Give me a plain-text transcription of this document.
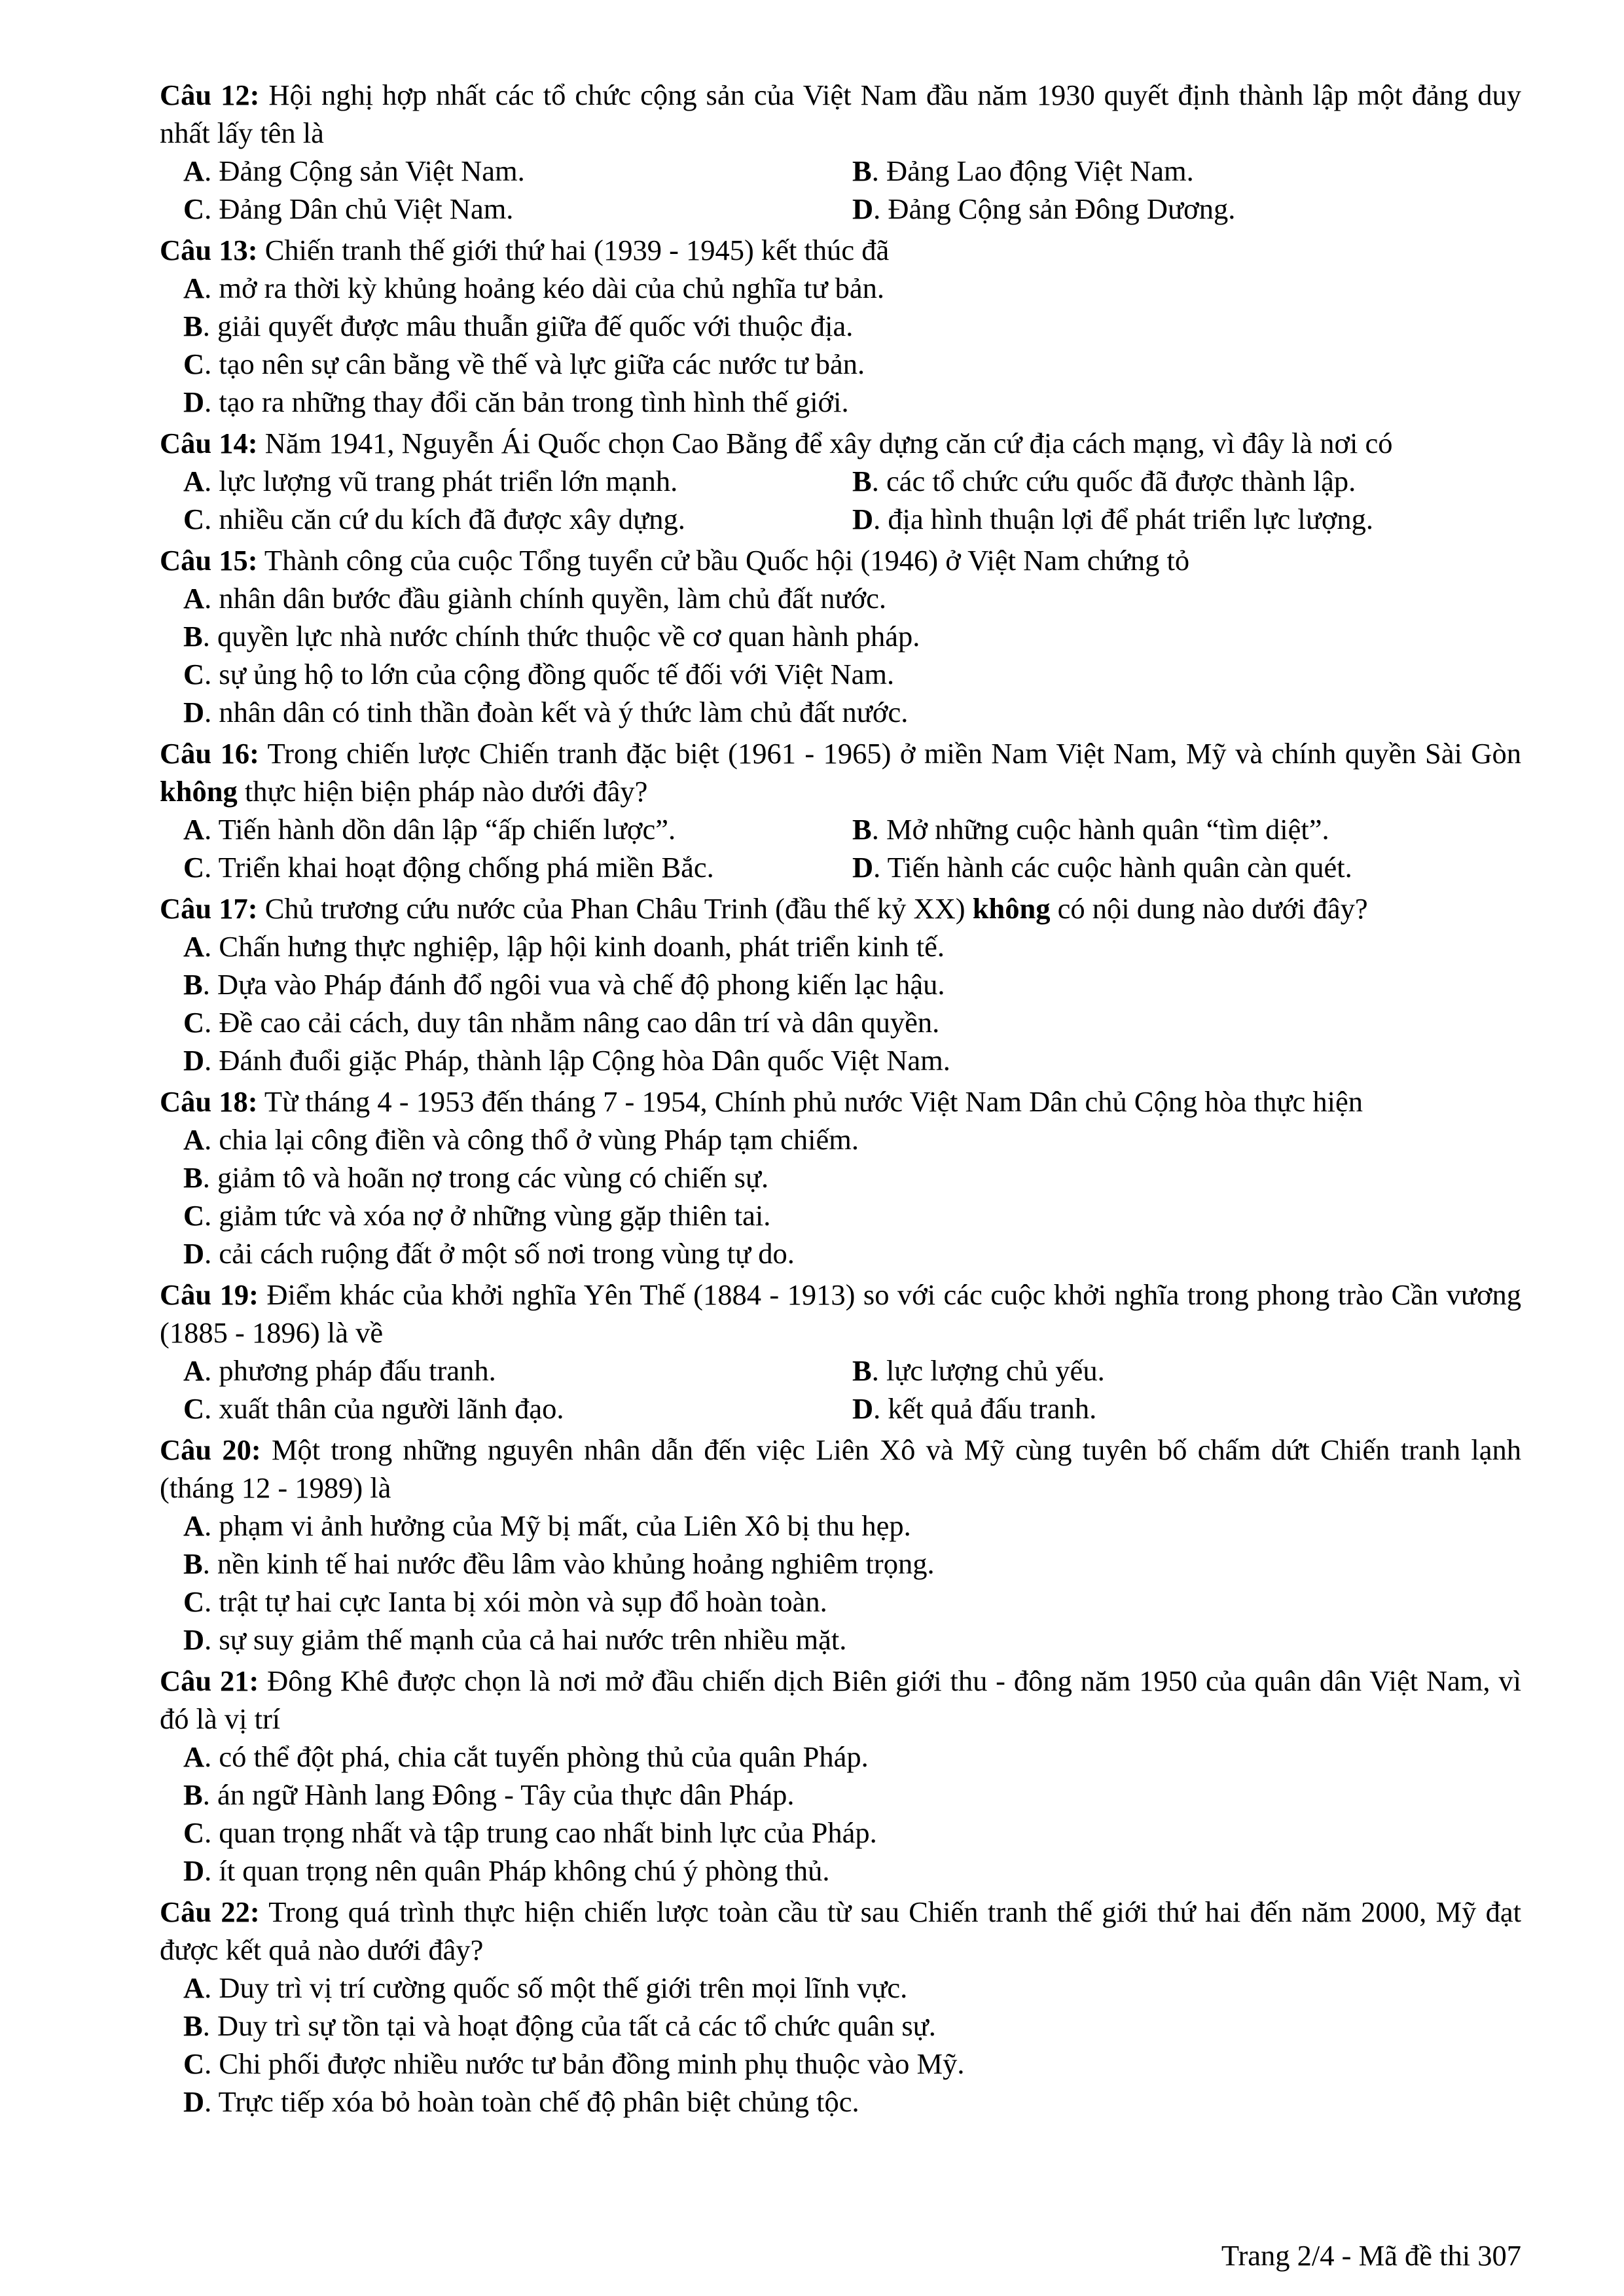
Câu 12: Hội nghị hợp nhất các tổ chức cộng sản của Việt Nam đầu năm 1930 quyết định thành lập một đảng duy nhất lấy tên là
A. Đảng Cộng sản Việt Nam.	B. Đảng Lao động Việt Nam.
C. Đảng Dân chủ Việt Nam.	D. Đảng Cộng sản Đông Dương.
Câu 13: Chiến tranh thế giới thứ hai (1939 - 1945) kết thúc đã
A. mở ra thời kỳ khủng hoảng kéo dài của chủ nghĩa tư bản.
B. giải quyết được mâu thuẫn giữa đế quốc với thuộc địa.
C. tạo nên sự cân bằng về thế và lực giữa các nước tư bản.
D. tạo ra những thay đổi căn bản trong tình hình thế giới.
Câu 14: Năm 1941, Nguyễn Ái Quốc chọn Cao Bằng để xây dựng căn cứ địa cách mạng, vì đây là nơi có
A. lực lượng vũ trang phát triển lớn mạnh.	B. các tổ chức cứu quốc đã được thành lập.
C. nhiều căn cứ du kích đã được xây dựng.	D. địa hình thuận lợi để phát triển lực lượng.
Câu 15: Thành công của cuộc Tổng tuyển cử bầu Quốc hội (1946) ở Việt Nam chứng tỏ
A. nhân dân bước đầu giành chính quyền, làm chủ đất nước.
B. quyền lực nhà nước chính thức thuộc về cơ quan hành pháp.
C. sự ủng hộ to lớn của cộng đồng quốc tế đối với Việt Nam.
D. nhân dân có tinh thần đoàn kết và ý thức làm chủ đất nước.
Câu 16: Trong chiến lược Chiến tranh đặc biệt (1961 - 1965) ở miền Nam Việt Nam, Mỹ và chính quyền Sài Gòn không thực hiện biện pháp nào dưới đây?
A. Tiến hành dồn dân lập “ấp chiến lược”.	B. Mở những cuộc hành quân “tìm diệt”.
C. Triển khai hoạt động chống phá miền Bắc.	D. Tiến hành các cuộc hành quân càn quét.
Câu 17: Chủ trương cứu nước của Phan Châu Trinh (đầu thế kỷ XX) không có nội dung nào dưới đây?
A. Chấn hưng thực nghiệp, lập hội kinh doanh, phát triển kinh tế.
B. Dựa vào Pháp đánh đổ ngôi vua và chế độ phong kiến lạc hậu.
C. Đề cao cải cách, duy tân nhằm nâng cao dân trí và dân quyền.
D. Đánh đuổi giặc Pháp, thành lập Cộng hòa Dân quốc Việt Nam.
Câu 18: Từ tháng 4 - 1953 đến tháng 7 - 1954, Chính phủ nước Việt Nam Dân chủ Cộng hòa thực hiện
A. chia lại công điền và công thổ ở vùng Pháp tạm chiếm.
B. giảm tô và hoãn nợ trong các vùng có chiến sự.
C. giảm tức và xóa nợ ở những vùng gặp thiên tai.
D. cải cách ruộng đất ở một số nơi trong vùng tự do.
Câu 19: Điểm khác của khởi nghĩa Yên Thế (1884 - 1913) so với các cuộc khởi nghĩa trong phong trào Cần vương (1885 - 1896) là về
A. phương pháp đấu tranh.	B. lực lượng chủ yếu.
C. xuất thân của người lãnh đạo.	D. kết quả đấu tranh.
Câu 20: Một trong những nguyên nhân dẫn đến việc Liên Xô và Mỹ cùng tuyên bố chấm dứt Chiến tranh lạnh (tháng 12 - 1989) là
A. phạm vi ảnh hưởng của Mỹ bị mất, của Liên Xô bị thu hẹp.
B. nền kinh tế hai nước đều lâm vào khủng hoảng nghiêm trọng.
C. trật tự hai cực Ianta bị xói mòn và sụp đổ hoàn toàn.
D. sự suy giảm thế mạnh của cả hai nước trên nhiều mặt.
Câu 21: Đông Khê được chọn là nơi mở đầu chiến dịch Biên giới thu - đông năm 1950 của quân dân Việt Nam, vì đó là vị trí
A. có thể đột phá, chia cắt tuyến phòng thủ của quân Pháp.
B. án ngữ Hành lang Đông - Tây của thực dân Pháp.
C. quan trọng nhất và tập trung cao nhất binh lực của Pháp.
D. ít quan trọng nên quân Pháp không chú ý phòng thủ.
Câu 22: Trong quá trình thực hiện chiến lược toàn cầu từ sau Chiến tranh thế giới thứ hai đến năm 2000, Mỹ đạt được kết quả nào dưới đây?
A. Duy trì vị trí cường quốc số một thế giới trên mọi lĩnh vực.
B. Duy trì sự tồn tại và hoạt động của tất cả các tổ chức quân sự.
C. Chi phối được nhiều nước tư bản đồng minh phụ thuộc vào Mỹ.
D. Trực tiếp xóa bỏ hoàn toàn chế độ phân biệt chủng tộc.
Trang 2/4 - Mã đề thi 307
